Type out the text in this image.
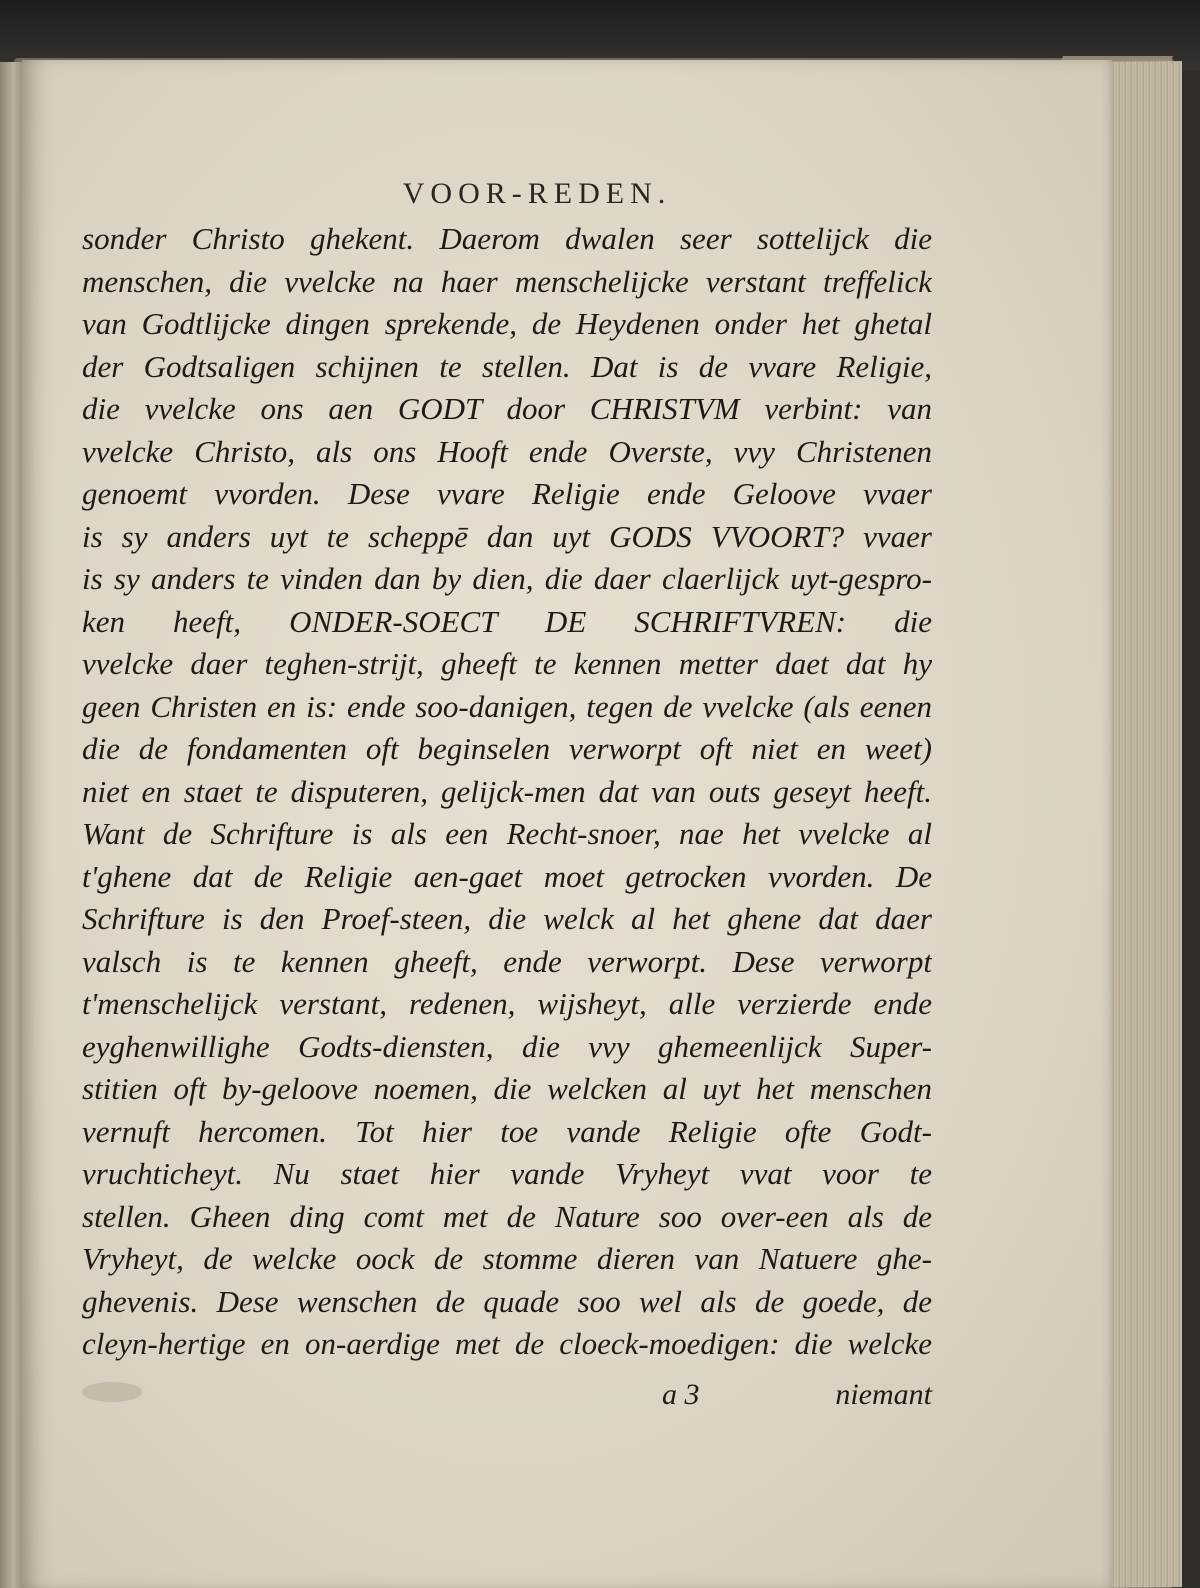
VOOR-REDEN.
sonder Christo ghekent. Daerom dwalen seer sottelijck die
menschen, die vvelcke na haer menschelijcke verstant treffelick
van Godtlijcke dingen sprekende, de Heydenen onder het ghetal
der Godtsaligen schijnen te stellen. Dat is de vvare Religie,
die vvelcke ons aen GODT door CHRISTVM verbint: van
vvelcke Christo, als ons Hooft ende Overste, vvy Christenen
genoemt vvorden. Dese vvare Religie ende Geloove vvaer
is sy anders uyt te scheppē dan uyt GODS VVOORT? vvaer
is sy anders te vinden dan by dien, die daer claerlijck uyt-gespro-
ken heeft, ONDER-SOECT DE SCHRIFTVREN: die
vvelcke daer teghen-strijt, gheeft te kennen metter daet dat hy
geen Christen en is: ende soo-danigen, tegen de vvelcke (als eenen
die de fondamenten oft beginselen verworpt oft niet en weet)
niet en staet te disputeren, gelijck-men dat van outs geseyt heeft.
Want de Schrifture is als een Recht-snoer, nae het vvelcke al
t'ghene dat de Religie aen-gaet moet getrocken vvorden. De
Schrifture is den Proef-steen, die welck al het ghene dat daer
valsch is te kennen gheeft, ende verworpt. Dese verworpt
t'menschelijck verstant, redenen, wijsheyt, alle verzierde ende
eyghenwillighe Godts-diensten, die vvy ghemeenlijck Super-
stitien oft by-geloove noemen, die welcken al uyt het menschen
vernuft hercomen. Tot hier toe vande Religie ofte Godt-
vruchticheyt. Nu staet hier vande Vryheyt vvat voor te
stellen. Gheen ding comt met de Nature soo over-een als de
Vryheyt, de welcke oock de stomme dieren van Natuere ghe-
ghevenis. Dese wenschen de quade soo wel als de goede, de
cleyn-hertige en on-aerdige met de cloeck-moedigen: die welcke
a 3	niemant
